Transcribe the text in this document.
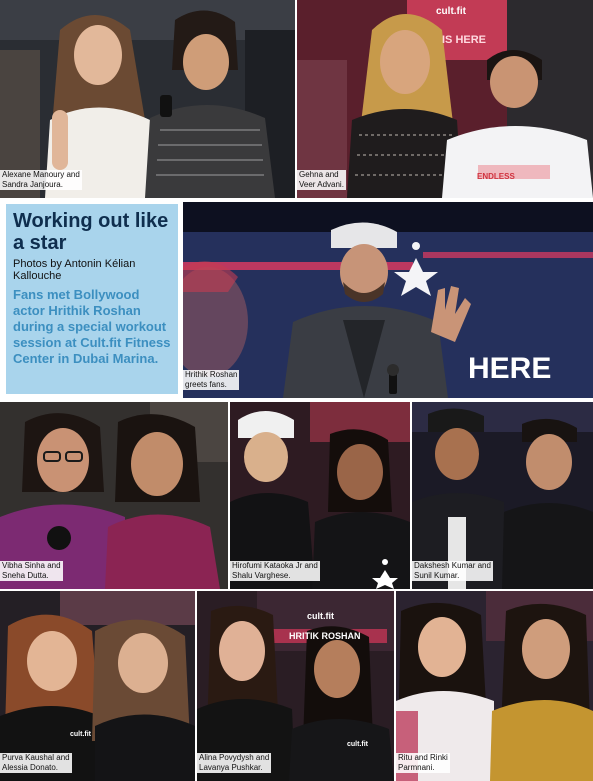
Alexane Manoury and
Sandra Janjoura.
cult.fit
IS HERE
ENDLESS
Gehna and
Veer Advani.
Working out like a star
Photos by Antonin Kélian Kallouche
Fans met Bollywood actor Hrithik Roshan during a special workout session at Cult.fit Fitness Center in Dubai Marina.	HERE
Hrithik Roshan
greets fans.
Vibha Sinha and
Sneha Dutta.
Hirofumi Kataoka Jr and
Shalu Varghese.
Dakshesh Kumar and
Sunil Kumar.
cult.fit
Purva Kaushal and
Alessia Donato.
cult.fit
HRITIK ROSHAN
cult.fit
Alina Povydysh and
Lavanya Pushkar.
Ritu and Rinki
Parmnani.
